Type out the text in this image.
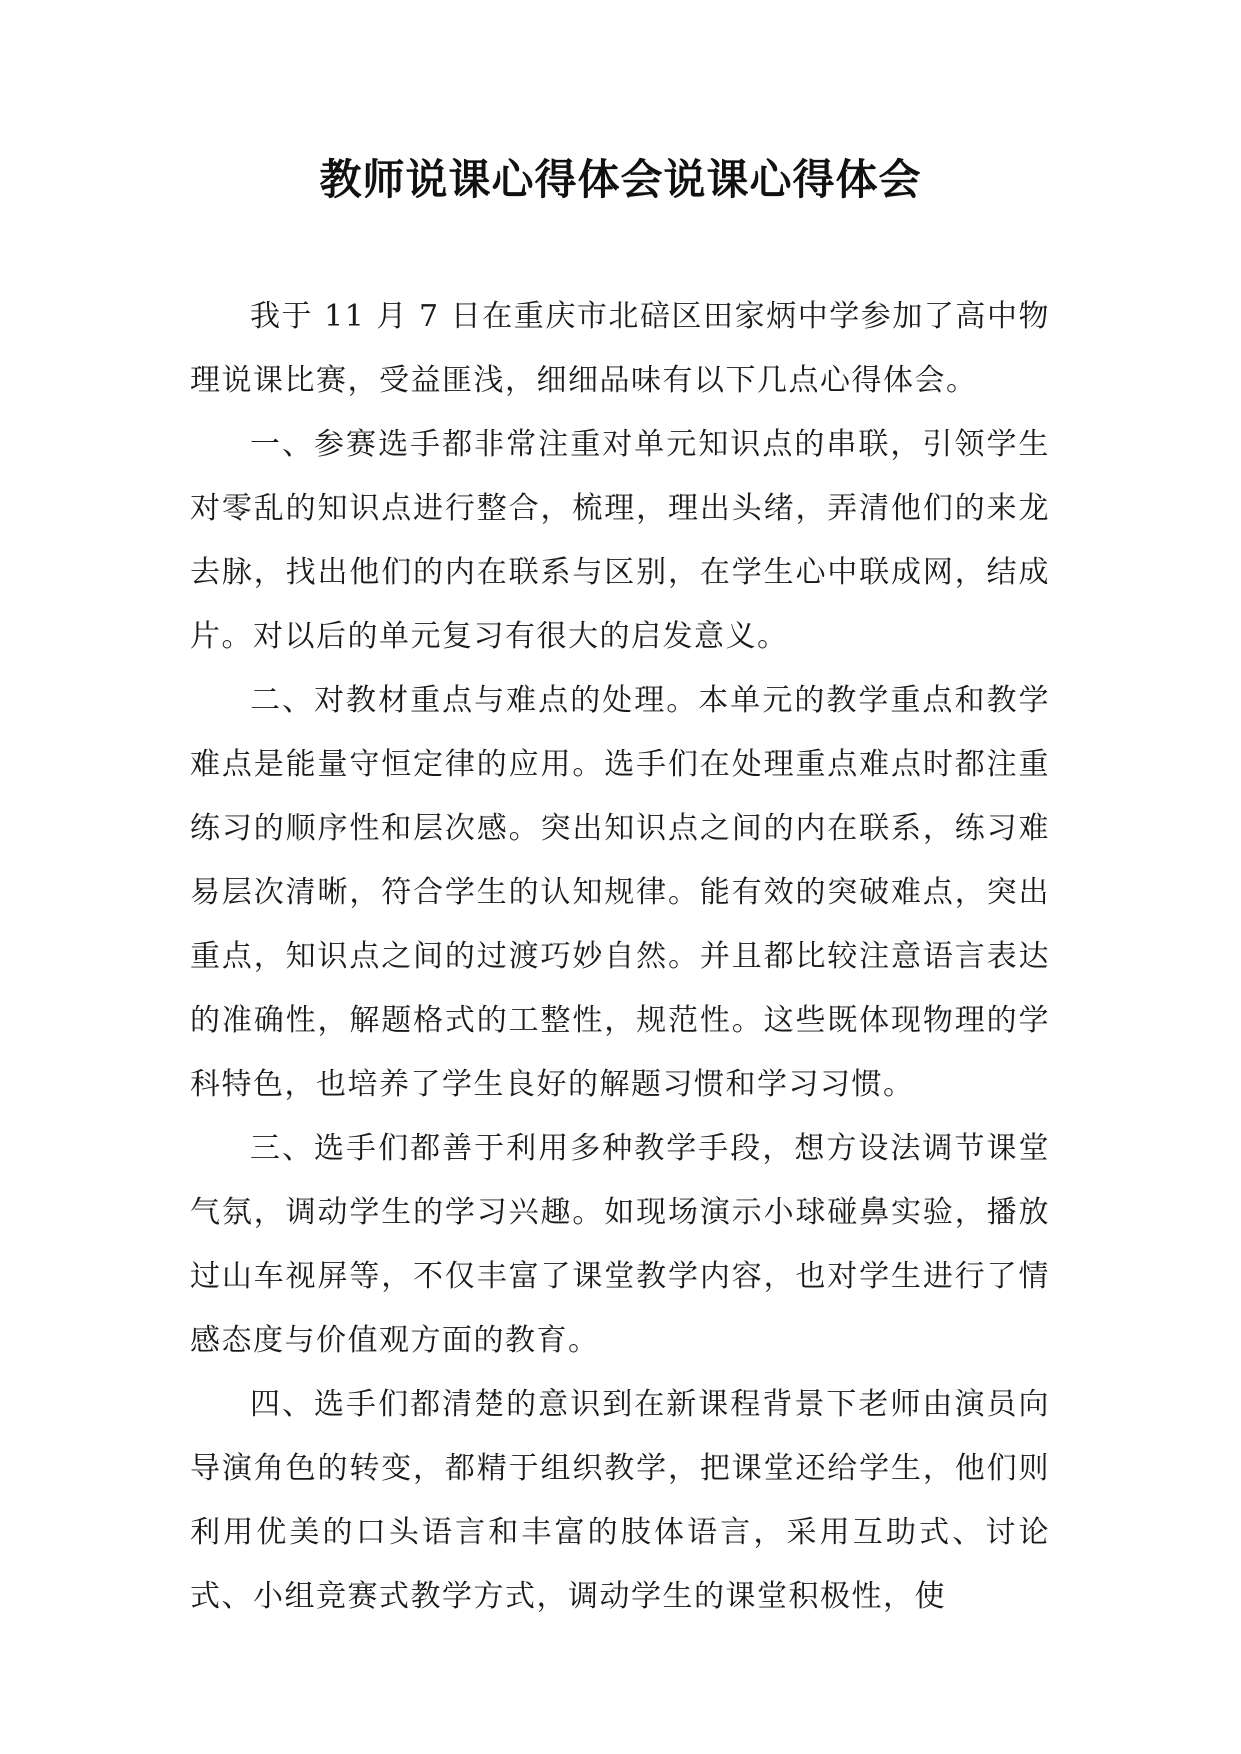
教师说课心得体会说课心得体会

我于 11 月 7 日在重庆市北碚区田家炳中学参加了高中物理说课比赛，受益匪浅，细细品味有以下几点心得体会。

一、参赛选手都非常注重对单元知识点的串联，引领学生对零乱的知识点进行整合，梳理，理出头绪，弄清他们的来龙去脉，找出他们的内在联系与区别，在学生心中联成网，结成片。对以后的单元复习有很大的启发意义。

二、对教材重点与难点的处理。本单元的教学重点和教学难点是能量守恒定律的应用。选手们在处理重点难点时都注重练习的顺序性和层次感。突出知识点之间的内在联系，练习难易层次清晰，符合学生的认知规律。能有效的突破难点，突出重点，知识点之间的过渡巧妙自然。并且都比较注意语言表达的准确性，解题格式的工整性，规范性。这些既体现物理的学科特色，也培养了学生良好的解题习惯和学习习惯。

三、选手们都善于利用多种教学手段，想方设法调节课堂气氛，调动学生的学习兴趣。如现场演示小球碰鼻实验，播放过山车视屏等，不仅丰富了课堂教学内容，也对学生进行了情感态度与价值观方面的教育。

四、选手们都清楚的意识到在新课程背景下老师由演员向导演角色的转变，都精于组织教学，把课堂还给学生，他们则利用优美的口头语言和丰富的肢体语言，采用互助式、讨论式、小组竞赛式教学方式，调动学生的课堂积极性，使
